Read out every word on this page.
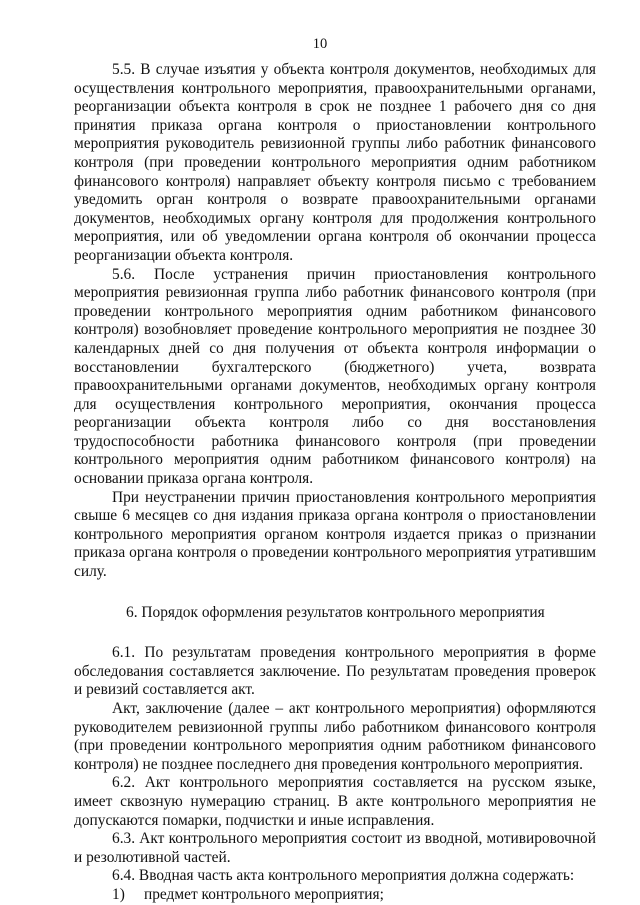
10

5.5. В случае изъятия у объекта контроля документов, необходимых для осуществления контрольного мероприятия, правоохранительными органами, реорганизации объекта контроля в срок не позднее 1 рабочего дня со дня принятия приказа органа контроля о приостановлении контрольного мероприятия руководитель ревизионной группы либо работник финансового контроля (при проведении контрольного мероприятия одним работником финансового контроля) направляет объекту контроля письмо с требованием уведомить орган контроля о возврате правоохранительными органами документов, необходимых органу контроля для продолжения контрольного мероприятия, или об уведомлении органа контроля об окончании процесса реорганизации объекта контроля.

5.6. После устранения причин приостановления контрольного мероприятия ревизионная группа либо работник финансового контроля (при проведении контрольного мероприятия одним работником финансового контроля) возобновляет проведение контрольного мероприятия не позднее 30 календарных дней со дня получения от объекта контроля информации о восстановлении бухгалтерского (бюджетного) учета, возврата правоохранительными органами документов, необходимых органу контроля для осуществления контрольного мероприятия, окончания процесса реорганизации объекта контроля либо со дня восстановления трудоспособности работника финансового контроля (при проведении контрольного мероприятия одним работником финансового контроля) на основании приказа органа контроля.

При неустранении причин приостановления контрольного мероприятия свыше 6 месяцев со дня издания приказа органа контроля о приостановлении контрольного мероприятия органом контроля издается приказ о признании приказа органа контроля о проведении контрольного мероприятия утратившим силу.

6. Порядок оформления результатов контрольного мероприятия

6.1. По результатам проведения контрольного мероприятия в форме обследования составляется заключение. По результатам проведения проверок и ревизий составляется акт.

Акт, заключение (далее – акт контрольного мероприятия) оформляются руководителем ревизионной группы либо работником финансового контроля (при проведении контрольного мероприятия одним работником финансового контроля) не позднее последнего дня проведения контрольного мероприятия.

6.2. Акт контрольного мероприятия составляется на русском языке, имеет сквозную нумерацию страниц. В акте контрольного мероприятия не допускаются помарки, подчистки и иные исправления.

6.3. Акт контрольного мероприятия состоит из вводной, мотивировочной и резолютивной частей.

6.4. Вводная часть акта контрольного мероприятия должна содержать:

1)	предмет контрольного мероприятия;
